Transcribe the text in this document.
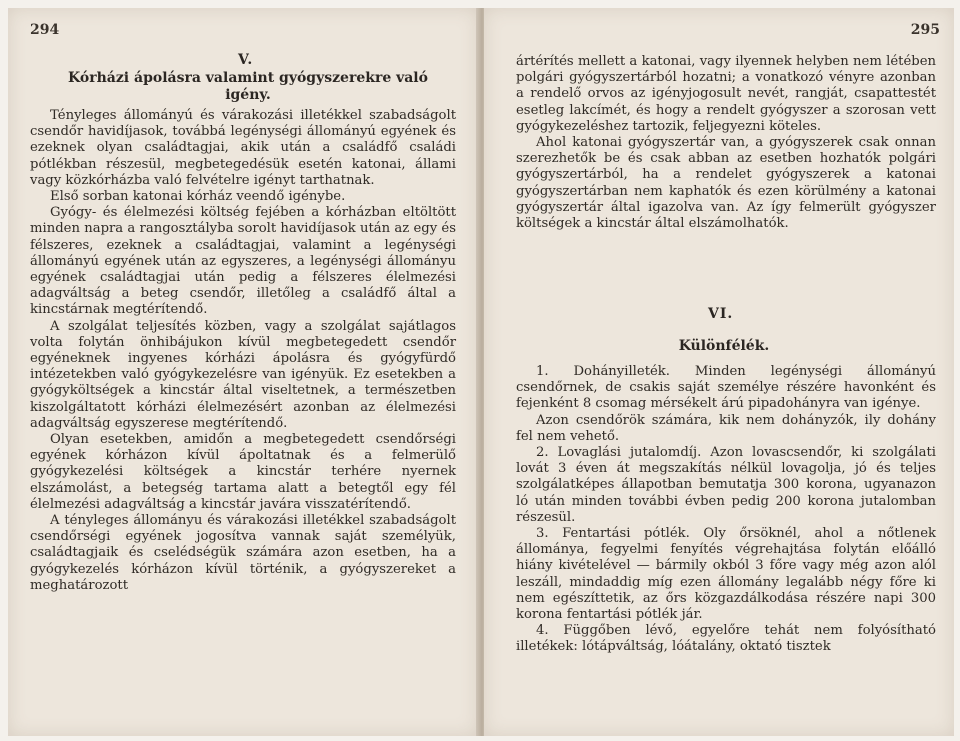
294
V.
Kórházi ápolásra valamint gyógyszerekre való igény.

Tényleges állományú és várakozási illetékkel szabadságolt csendőr havidíjasok, továbbá legénységi állományú egyének és ezeknek olyan családtagjai, akik után a családfő családi pótlékban részesül, megbetegedésük esetén katonai, állami vagy közkórházba való felvételre igényt tarthatnak.

Első sorban katonai kórház veendő igénybe.

Gyógy- és élelmezési költség fejében a kórházban eltöltött minden napra a rangosztályba sorolt havidíjasok után az egy és félszeres, ezeknek a családtagjai, valamint a legénységi állományú egyének után az egyszeres, a legénységi állományu egyének családtagjai után pedig a félszeres élelmezési adagváltság a beteg csendőr, illetőleg a családfő által a kincstárnak megtérítendő.

A szolgálat teljesítés közben, vagy a szolgálat sajátlagos volta folytán önhibájukon kívül megbetegedett csendőr egyéneknek ingyenes kórházi ápolásra és gyógyfürdő intézetekben való gyógykezelésre van igényük. Ez esetekben a gyógyköltségek a kincstár által viseltetnek, a természetben kiszolgáltatott kórházi élelmezésért azonban az élelmezési adagváltság egyszerese megtérítendő.

Olyan esetekben, amidőn a megbetegedett csendőrségi egyének kórházon kívül ápoltatnak és a felmerülő gyógykezelési költségek a kincstár terhére nyernek elszámolást, a betegség tartama alatt a betegtől egy fél élelmezési adagváltság a kincstár javára visszatérítendő.

A tényleges állományu és várakozási illetékkel szabadságolt csendőrségi egyének jogosítva vannak saját személyük, családtagjaik és cselédségük számára azon esetben, ha a gyógykezelés kórházon kívül történik, a gyógyszereket a meghatározott

295

ártérítés mellett a katonai, vagy ilyennek helyben nem létében polgári gyógyszertárból hozatni; a vonatkozó vényre azonban a rendelő orvos az igényjogosult nevét, rangját, csapattestét esetleg lakcímét, és hogy a rendelt gyógyszer a szorosan vett gyógykezeléshez tartozik, feljegyezni köteles.

Ahol katonai gyógyszertár van, a gyógyszerek csak onnan szerezhetők be és csak abban az esetben hozhatók polgári gyógyszertárból, ha a rendelet gyógyszerek a katonai gyógyszertárban nem kaphatók és ezen körülmény a katonai gyógyszertár által igazolva van. Az így felmerült gyógyszer költségek a kincstár által elszámolhatók.

VI.
Különfélék.

1. Dohányilleték. Minden legénységi állományú csendőrnek, de csakis saját személye részére havonként és fejenként 8 csomag mérsékelt árú pipadohányra van igénye.

Azon csendőrök számára, kik nem dohányzók, ily dohány fel nem vehető.

2. Lovaglási jutalomdíj. Azon lovascsendőr, ki szolgálati lovát 3 éven át megszakítás nélkül lovagolja, jó és teljes szolgálatképes állapotban bemutatja 300 korona, ugyanazon ló után minden további évben pedig 200 korona jutalomban részesül.

3. Fentartási pótlék. Oly őrsöknél, ahol a nőtlenek állománya, fegyelmi fenyítés végrehajtása folytán előálló hiány kivételével — bármily okból 3 főre vagy még azon alól leszáll, mindaddig míg ezen állomány legalább négy főre ki nem egészíttetik, az őrs közgazdálkodása részére napi 300 korona fentartási pótlék jár.

4. Függőben lévő, egyelőre tehát nem folyósítható illetékek: lótápváltság, lóátalány, oktató tisztek
